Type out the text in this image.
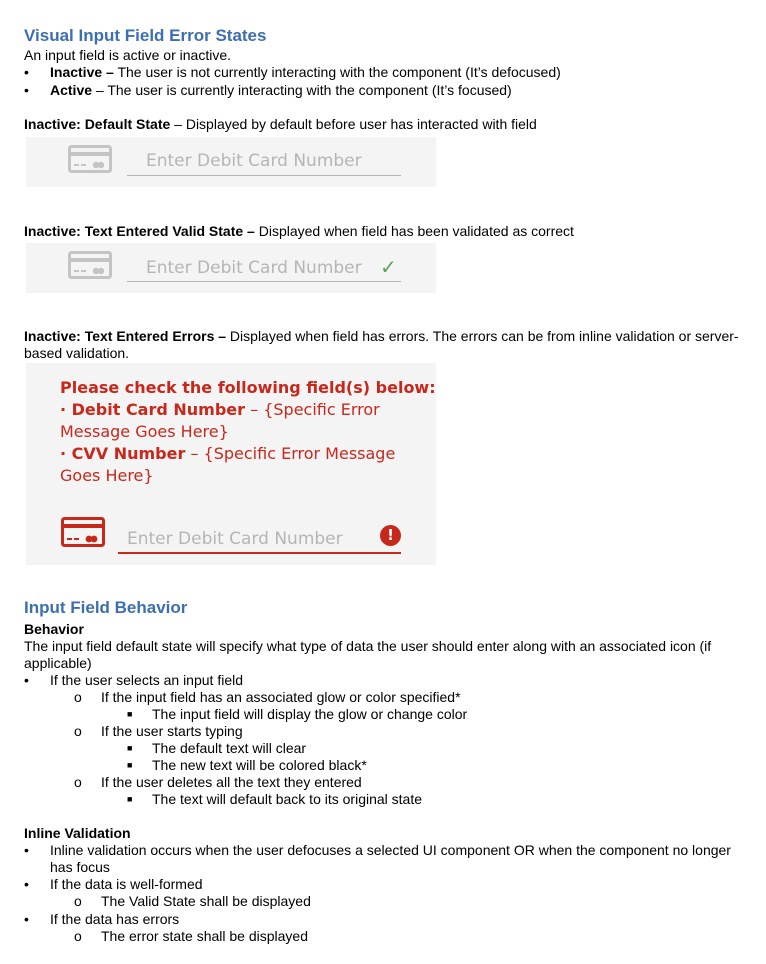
Visual Input Field Error States
An input field is active or inactive.
• Inactive – The user is not currently interacting with the component (It’s defocused)
• Active – The user is currently interacting with the component (It’s focused)
Inactive: Default State – Displayed by default before user has interacted with field
Enter Debit Card Number
Inactive: Text Entered Valid State – Displayed when field has been validated as correct
Enter Debit Card Number ✓
Inactive: Text Entered Errors – Displayed when field has errors. The errors can be from inline validation or server-
based validation.
Please check the following field(s) below:
· Debit Card Number – {Specific Error
Message Goes Here}
· CVV Number – {Specific Error Message
Goes Here}
Enter Debit Card Number	!
Input Field Behavior
Behavior
The input field default state will specify what type of data the user should enter along with an associated icon (if
applicable)
• If the user selects an input field
o If the input field has an associated glow or color specified*
■ The input field will display the glow or change color
o If the user starts typing
■ The default text will clear
■ The new text will be colored black*
o If the user deletes all the text they entered
■ The text will default back to its original state
Inline Validation
• Inline validation occurs when the user defocuses a selected UI component OR when the component no longer
has focus
• If the data is well-formed
o The Valid State shall be displayed
• If the data has errors
o The error state shall be displayed
